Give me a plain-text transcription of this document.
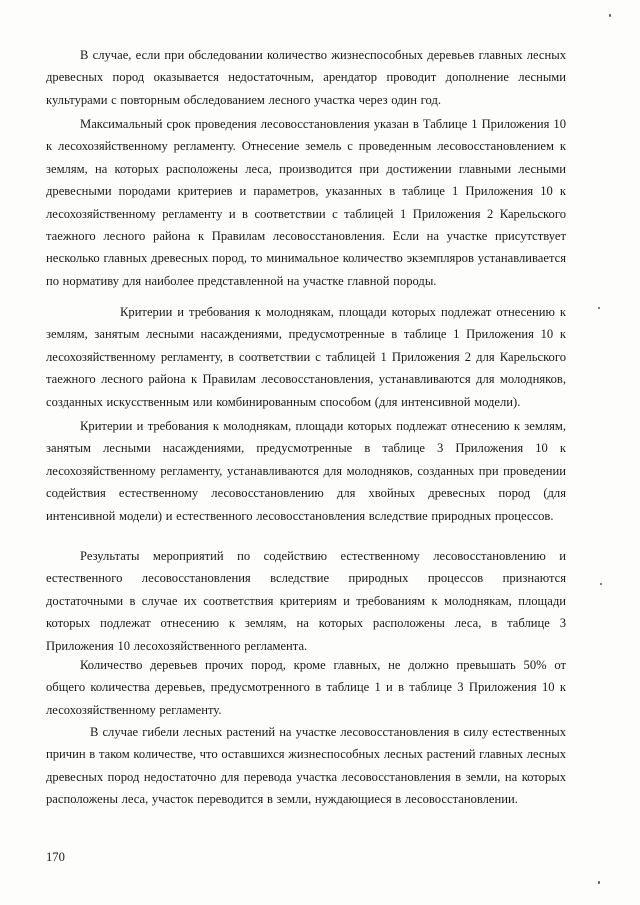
В случае, если при обследовании количество жизнеспособных деревьев главных лесных древесных пород оказывается недостаточным, арендатор проводит дополнение лесными культурами с повторным обследованием лесного участка через один год.

Максимальный срок проведения лесовосстановления указан в Таблице 1 Приложения 10 к лесохозяйственному регламенту. Отнесение земель с проведенным лесовосстановлением к землям, на которых расположены леса, производится при достижении главными лесными древесными породами критериев и параметров, указанных в таблице 1 Приложения 10 к лесохозяйственному регламенту и в соответствии с таблицей 1 Приложения 2 Карельского таежного лесного района к Правилам лесовосстановления. Если на участке присутствует несколько главных древесных пород, то минимальное количество экземпляров устанавливается по нормативу для наиболее представленной на участке главной породы.

Критерии и требования к молоднякам, площади которых подлежат отнесению к землям, занятым лесными насаждениями, предусмотренные в таблице 1 Приложения 10 к лесохозяйственному регламенту, в соответствии с таблицей 1 Приложения 2 для Карельского таежного лесного района к Правилам лесовосстановления, устанавливаются для молодняков, созданных искусственным или комбинированным способом (для интенсивной модели).

Критерии и требования к молоднякам, площади которых подлежат отнесению к землям, занятым лесными насаждениями, предусмотренные в таблице 3 Приложения 10 к лесохозяйственному регламенту, устанавливаются для молодняков, созданных при проведении содействия естественному лесовосстановлению для хвойных древесных пород (для интенсивной модели) и естественного лесовосстановления вследствие природных процессов.

Результаты мероприятий по содействию естественному лесовосстановлению и естественного лесовосстановления вследствие природных процессов признаются достаточными в случае их соответствия критериям и требованиям к молоднякам, площади которых подлежат отнесению к землям, на которых расположены леса, в таблице 3 Приложения 10 лесохозяйственного регламента.

Количество деревьев прочих пород, кроме главных, не должно превышать 50% от общего количества деревьев, предусмотренного в таблице 1 и в таблице 3 Приложения 10 к лесохозяйственному регламенту.

В случае гибели лесных растений на участке лесовосстановления в силу естественных причин в таком количестве, что оставшихся жизнеспособных лесных растений главных лесных древесных пород недостаточно для перевода участка лесовосстановления в земли, на которых расположены леса, участок переводится в земли, нуждающиеся в лесовосстановлении.

170
